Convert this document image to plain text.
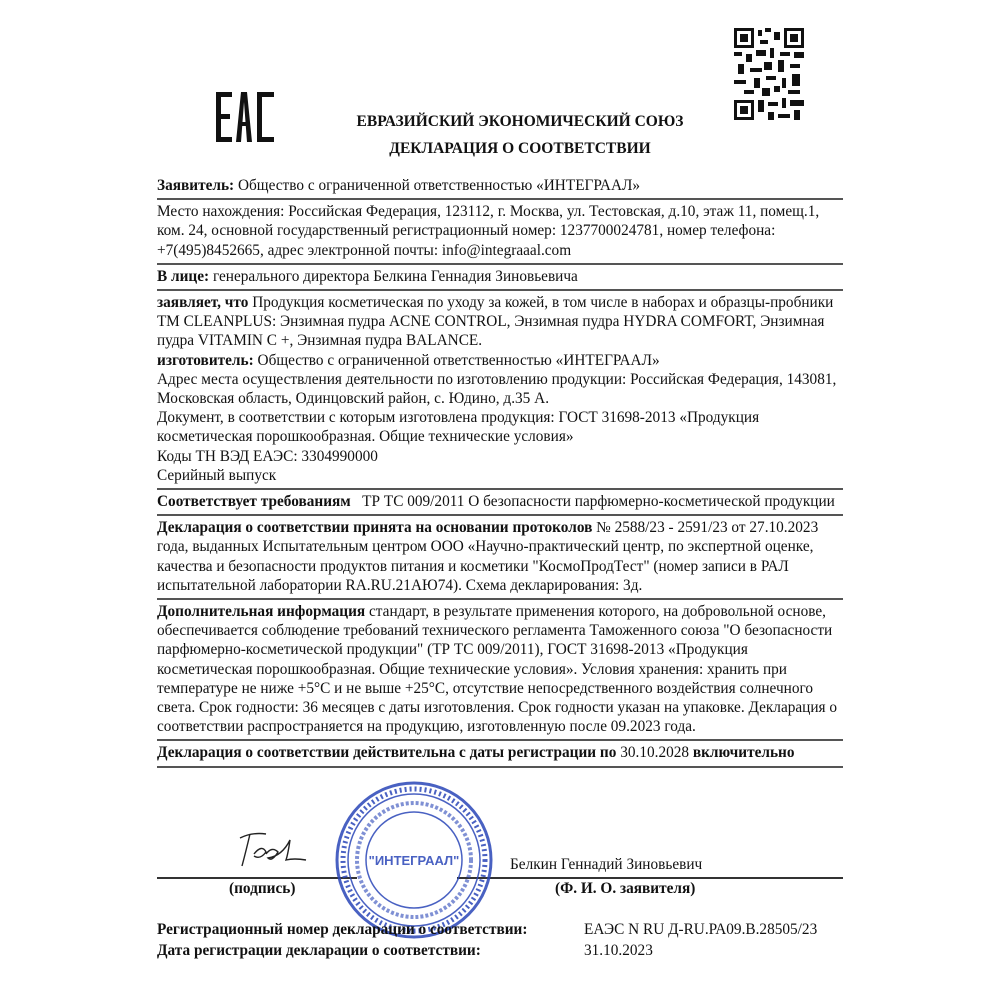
ЕВРАЗИЙСКИЙ ЭКОНОМИЧЕСКИЙ СОЮЗ
ДЕКЛАРАЦИЯ О СООТВЕТСТВИИ
Заявитель: Общество с ограниченной ответственностью «ИНТЕГРААЛ»
Место нахождения: Российская Федерация, 123112, г. Москва, ул. Тестовская, д.10, этаж 11, помещ.1, ком. 24, основной государственный регистрационный номер: 1237700024781, номер телефона: +7(495)8452665, адрес электронной почты: info@integraaal.com
В лице: генерального директора Белкина Геннадия Зиновьевича
заявляет, что Продукция косметическая по уходу за кожей, в том числе в наборах и образцы-пробники ТМ CLEANPLUS: Энзимная пудра ACNE CONTROL, Энзимная пудра HYDRA COMFORT, Энзимная пудра VITAMIN C +, Энзимная пудра BALANCE.
изготовитель: Общество с ограниченной ответственностью «ИНТЕГРААЛ»
Адрес места осуществления деятельности по изготовлению продукции: Российская Федерация, 143081, Московская область, Одинцовский район, с. Юдино, д.35 А.
Документ, в соответствии с которым изготовлена продукция: ГОСТ 31698-2013 «Продукция косметическая порошкообразная. Общие технические условия»
Коды ТН ВЭД ЕАЭС: 3304990000
Серийный выпуск
Соответствует требованиям   ТР ТС 009/2011 О безопасности парфюмерно-косметической продукции
Декларация о соответствии принята на основании протоколов № 2588/23 - 2591/23 от 27.10.2023 года, выданных Испытательным центром ООО «Научно-практический центр, по экспертной оценке, качества и безопасности продуктов питания и косметики "КосмоПродТест" (номер записи в РАЛ испытательной лаборатории RA.RU.21АЮ74). Схема декларирования: 3д.
Дополнительная информация стандарт, в результате применения которого, на добровольной основе, обеспечивается соблюдение требований технического регламента Таможенного союза "О безопасности парфюмерно-косметической продукции" (ТР ТС 009/2011), ГОСТ 31698-2013 «Продукция косметическая порошкообразная. Общие технические условия». Условия хранения: хранить при температуре не ниже +5°С и не выше +25°С, отсутствие непосредственного воздействия солнечного света. Срок годности: 36 месяцев с даты изготовления. Срок годности указан на упаковке. Декларация о соответствии распространяется на продукцию, изготовленную после 09.2023 года.
Декларация о соответствии действительна с даты регистрации по 30.10.2028 включительно
Белкин Геннадий Зиновьевич
(подпись)	(Ф. И. О. заявителя)
"ИНТЕГРААЛ"
Регистрационный номер декларации о соответствии:	ЕАЭС N RU Д-RU.РА09.В.28505/23
Дата регистрации декларации о соответствии:	31.10.2023
